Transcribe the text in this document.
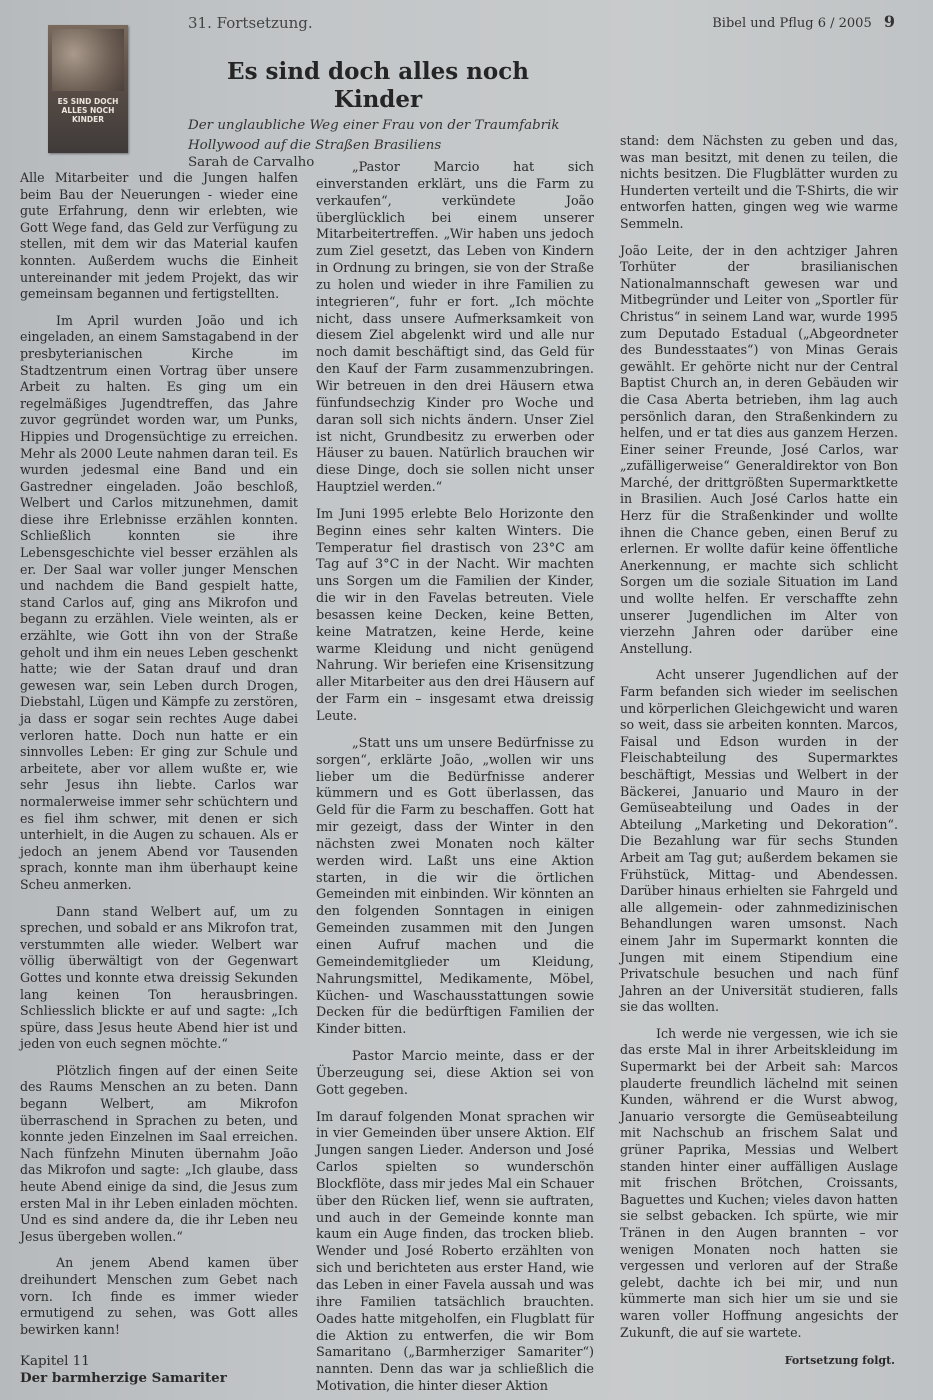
31. Fortsetzung.	Bibel und Pflug 6 / 2005 9
ES SIND DOCH ALLES NOCH KINDER
Es sind doch alles noch Kinder
Der unglaubliche Weg einer Frau von der Traumfabrik
Hollywood auf die Straßen Brasiliens
Sarah de Carvalho

Alle Mitarbeiter und die Jungen halfen beim Bau der Neuerungen - wieder eine gute Erfahrung, denn wir erlebten, wie Gott Wege fand, das Geld zur Verfügung zu stellen, mit dem wir das Material kaufen konnten. Außerdem wuchs die Einheit untereinander mit jedem Projekt, das wir gemeinsam begannen und fertigstellten.

Im April wurden João und ich eingeladen, an einem Samstagabend in der presbyterianischen Kirche im Stadtzentrum einen Vortrag über unsere Arbeit zu halten. Es ging um ein regelmäßiges Jugendtreffen, das Jahre zuvor gegründet worden war, um Punks, Hippies und Drogensüchtige zu erreichen. Mehr als 2000 Leute nahmen daran teil. Es wurden jedesmal eine Band und ein Gastredner eingeladen. João beschloß, Welbert und Carlos mitzunehmen, damit diese ihre Erlebnisse erzählen konnten. Schließlich konnten sie ihre Lebensgeschichte viel besser erzählen als er. Der Saal war voller junger Menschen und nachdem die Band gespielt hatte, stand Carlos auf, ging ans Mikrofon und begann zu erzählen. Viele weinten, als er erzählte, wie Gott ihn von der Straße geholt und ihm ein neues Leben geschenkt hatte; wie der Satan drauf und dran gewesen war, sein Leben durch Drogen, Diebstahl, Lügen und Kämpfe zu zerstören, ja dass er sogar sein rechtes Auge dabei verloren hatte. Doch nun hatte er ein sinnvolles Leben: Er ging zur Schule und arbeitete, aber vor allem wußte er, wie sehr Jesus ihn liebte. Carlos war normalerweise immer sehr schüchtern und es fiel ihm schwer, mit denen er sich unterhielt, in die Augen zu schauen. Als er jedoch an jenem Abend vor Tausenden sprach, konnte man ihm überhaupt keine Scheu anmerken.

Dann stand Welbert auf, um zu sprechen, und sobald er ans Mikrofon trat, verstummten alle wieder. Welbert war völlig überwältigt von der Gegenwart Gottes und konnte etwa dreissig Sekunden lang keinen Ton herausbringen. Schliesslich blickte er auf und sagte: „Ich spüre, dass Jesus heute Abend hier ist und jeden von euch segnen möchte.“

Plötzlich fingen auf der einen Seite des Raums Menschen an zu beten. Dann begann Welbert, am Mikrofon überraschend in Sprachen zu beten, und konnte jeden Einzelnen im Saal erreichen. Nach fünfzehn Minuten übernahm João das Mikrofon und sagte: „Ich glaube, dass heute Abend einige da sind, die Jesus zum ersten Mal in ihr Leben einladen möchten. Und es sind andere da, die ihr Leben neu Jesus übergeben wollen.“

An jenem Abend kamen über dreihundert Menschen zum Gebet nach vorn. Ich finde es immer wieder ermutigend zu sehen, was Gott alles bewirken kann!

„Pastor Marcio hat sich einverstanden erklärt, uns die Farm zu verkaufen“, verkündete João überglücklich bei einem unserer Mitarbeitertreffen. „Wir haben uns jedoch zum Ziel gesetzt, das Leben von Kindern in Ordnung zu bringen, sie von der Straße zu holen und wieder in ihre Familien zu integrieren“, fuhr er fort. „Ich möchte nicht, dass unsere Aufmerksamkeit von diesem Ziel abgelenkt wird und alle nur noch damit beschäftigt sind, das Geld für den Kauf der Farm zusammenzubringen. Wir betreuen in den drei Häusern etwa fünfundsechzig Kinder pro Woche und daran soll sich nichts ändern. Unser Ziel ist nicht, Grundbesitz zu erwerben oder Häuser zu bauen. Natürlich brauchen wir diese Dinge, doch sie sollen nicht unser Hauptziel werden.“

Im Juni 1995 erlebte Belo Horizonte den Beginn eines sehr kalten Winters. Die Temperatur fiel drastisch von 23°C am Tag auf 3°C in der Nacht. Wir machten uns Sorgen um die Familien der Kinder, die wir in den Favelas betreuten. Viele besassen keine Decken, keine Betten, keine Matratzen, keine Herde, keine warme Kleidung und nicht genügend Nahrung. Wir beriefen eine Krisensitzung aller Mitarbeiter aus den drei Häusern auf der Farm ein – insgesamt etwa dreissig Leute.

„Statt uns um unsere Bedürfnisse zu sorgen“, erklärte João, „wollen wir uns lieber um die Bedürfnisse anderer kümmern und es Gott überlassen, das Geld für die Farm zu beschaffen. Gott hat mir gezeigt, dass der Winter in den nächsten zwei Monaten noch kälter werden wird. Laßt uns eine Aktion starten, in die wir die örtlichen Gemeinden mit einbinden. Wir könnten an den folgenden Sonntagen in einigen Gemeinden zusammen mit den Jungen einen Aufruf machen und die Gemeindemitglieder um Kleidung, Nahrungsmittel, Medikamente, Möbel, Küchen- und Waschausstattungen sowie Decken für die bedürftigen Familien der Kinder bitten.

Pastor Marcio meinte, dass er der Überzeugung sei, diese Aktion sei von Gott gegeben.

Im darauf folgenden Monat sprachen wir in vier Gemeinden über unsere Aktion. Elf Jungen sangen Lieder. Anderson und José Carlos spielten so wunderschön Blockflöte, dass mir jedes Mal ein Schauer über den Rücken lief, wenn sie auftraten, und auch in der Gemeinde konnte man kaum ein Auge finden, das trocken blieb. Wender und José Roberto erzählten von sich und berichteten aus erster Hand, wie das Leben in einer Favela aussah und was ihre Familien tatsächlich brauchten. Oades hatte mitgeholfen, ein Flugblatt für die Aktion zu entwerfen, die wir Bom Samaritano („Barmherziger Samariter“) nannten. Denn das war ja schließlich die Motivation, die hinter dieser Aktion

stand: dem Nächsten zu geben und das, was man besitzt, mit denen zu teilen, die nichts besitzen. Die Flugblätter wurden zu Hunderten verteilt und die T-Shirts, die wir entworfen hatten, gingen weg wie warme Semmeln.

João Leite, der in den achtziger Jahren Torhüter der brasilianischen Nationalmannschaft gewesen war und Mitbegründer und Leiter von „Sportler für Christus“ in seinem Land war, wurde 1995 zum Deputado Estadual („Abgeordneter des Bundesstaates“) von Minas Gerais gewählt. Er gehörte nicht nur der Central Baptist Church an, in deren Gebäuden wir die Casa Aberta betrieben, ihm lag auch persönlich daran, den Straßenkindern zu helfen, und er tat dies aus ganzem Herzen. Einer seiner Freunde, José Carlos, war „zufälligerweise“ Generaldirektor von Bon Marché, der drittgrößten Supermarktkette in Brasilien. Auch José Carlos hatte ein Herz für die Straßenkinder und wollte ihnen die Chance geben, einen Beruf zu erlernen. Er wollte dafür keine öffentliche Anerkennung, er machte sich schlicht Sorgen um die soziale Situation im Land und wollte helfen. Er verschaffte zehn unserer Jugendlichen im Alter von vierzehn Jahren oder darüber eine Anstellung.

Acht unserer Jugendlichen auf der Farm befanden sich wieder im seelischen und körperlichen Gleichgewicht und waren so weit, dass sie arbeiten konnten. Marcos, Faisal und Edson wurden in der Fleischabteilung des Supermarktes beschäftigt, Messias und Welbert in der Bäckerei, Januario und Mauro in der Gemüseabteilung und Oades in der Abteilung „Marketing und Dekoration“. Die Bezahlung war für sechs Stunden Arbeit am Tag gut; außerdem bekamen sie Frühstück, Mittag- und Abendessen. Darüber hinaus erhielten sie Fahrgeld und alle allgemein- oder zahnmedizinischen Behandlungen waren umsonst. Nach einem Jahr im Supermarkt konnten die Jungen mit einem Stipendium eine Privatschule besuchen und nach fünf Jahren an der Universität studieren, falls sie das wollten.

Ich werde nie vergessen, wie ich sie das erste Mal in ihrer Arbeitskleidung im Supermarkt bei der Arbeit sah: Marcos plauderte freundlich lächelnd mit seinen Kunden, während er die Wurst abwog, Januario versorgte die Gemüseabteilung mit Nachschub an frischem Salat und grüner Paprika, Messias und Welbert standen hinter einer auffälligen Auslage mit frischen Brötchen, Croissants, Baguettes und Kuchen; vieles davon hatten sie selbst gebacken. Ich spürte, wie mir Tränen in den Augen brannten – vor wenigen Monaten noch hatten sie vergessen und verloren auf der Straße gelebt, dachte ich bei mir, und nun kümmerte man sich hier um sie und sie waren voller Hoffnung angesichts der Zukunft, die auf sie wartete.

Kapitel 11
Der barmherzige Samariter
Fortsetzung folgt.
